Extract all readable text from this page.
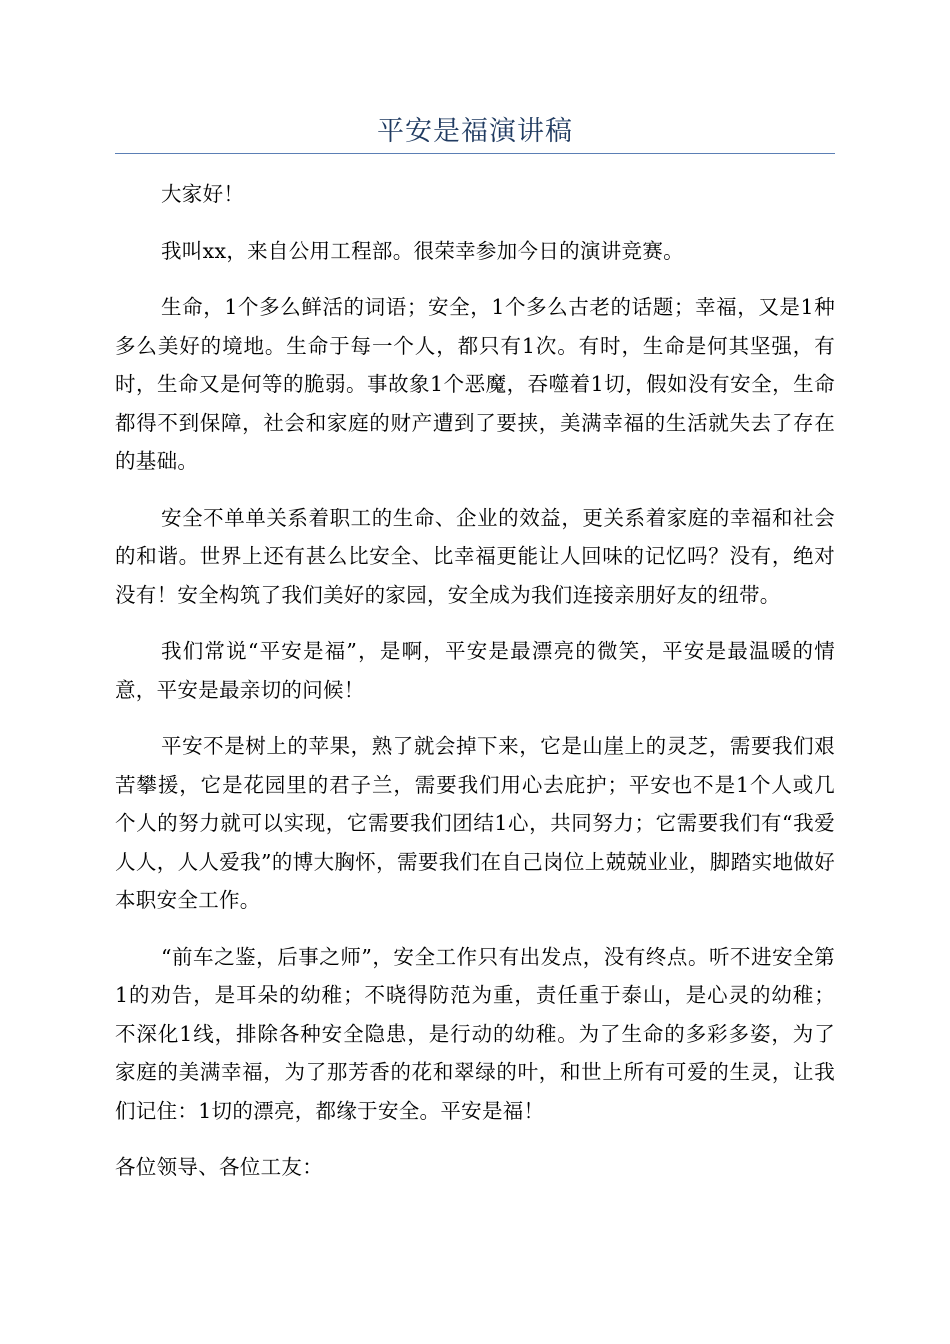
平安是福演讲稿

大家好！

我叫xx，来自公用工程部。很荣幸参加今日的演讲竞赛。

生命，1个多么鲜活的词语；安全，1个多么古老的话题；幸福，又是1种多么美好的境地。生命于每一个人，都只有1次。有时，生命是何其坚强，有时，生命又是何等的脆弱。事故象1个恶魔，吞噬着1切，假如没有安全，生命都得不到保障，社会和家庭的财产遭到了要挟，美满幸福的生活就失去了存在的基础。

安全不单单关系着职工的生命、企业的效益，更关系着家庭的幸福和社会的和谐。世界上还有甚么比安全、比幸福更能让人回味的记忆吗？没有，绝对没有！安全构筑了我们美好的家园，安全成为我们连接亲朋好友的纽带。

我们常说“平安是福”，是啊，平安是最漂亮的微笑，平安是最温暖的情意，平安是最亲切的问候！

平安不是树上的苹果，熟了就会掉下来，它是山崖上的灵芝，需要我们艰苦攀援，它是花园里的君子兰，需要我们用心去庇护；平安也不是1个人或几个人的努力就可以实现，它需要我们团结1心，共同努力；它需要我们有“我爱人人，人人爱我”的博大胸怀，需要我们在自己岗位上兢兢业业，脚踏实地做好本职安全工作。

“前车之鉴，后事之师”，安全工作只有出发点，没有终点。听不进安全第1的劝告，是耳朵的幼稚；不晓得防范为重，责任重于泰山，是心灵的幼稚；不深化1线，排除各种安全隐患，是行动的幼稚。为了生命的多彩多姿，为了家庭的美满幸福，为了那芳香的花和翠绿的叶，和世上所有可爱的生灵，让我们记住：1切的漂亮，都缘于安全。平安是福！

各位领导、各位工友：
